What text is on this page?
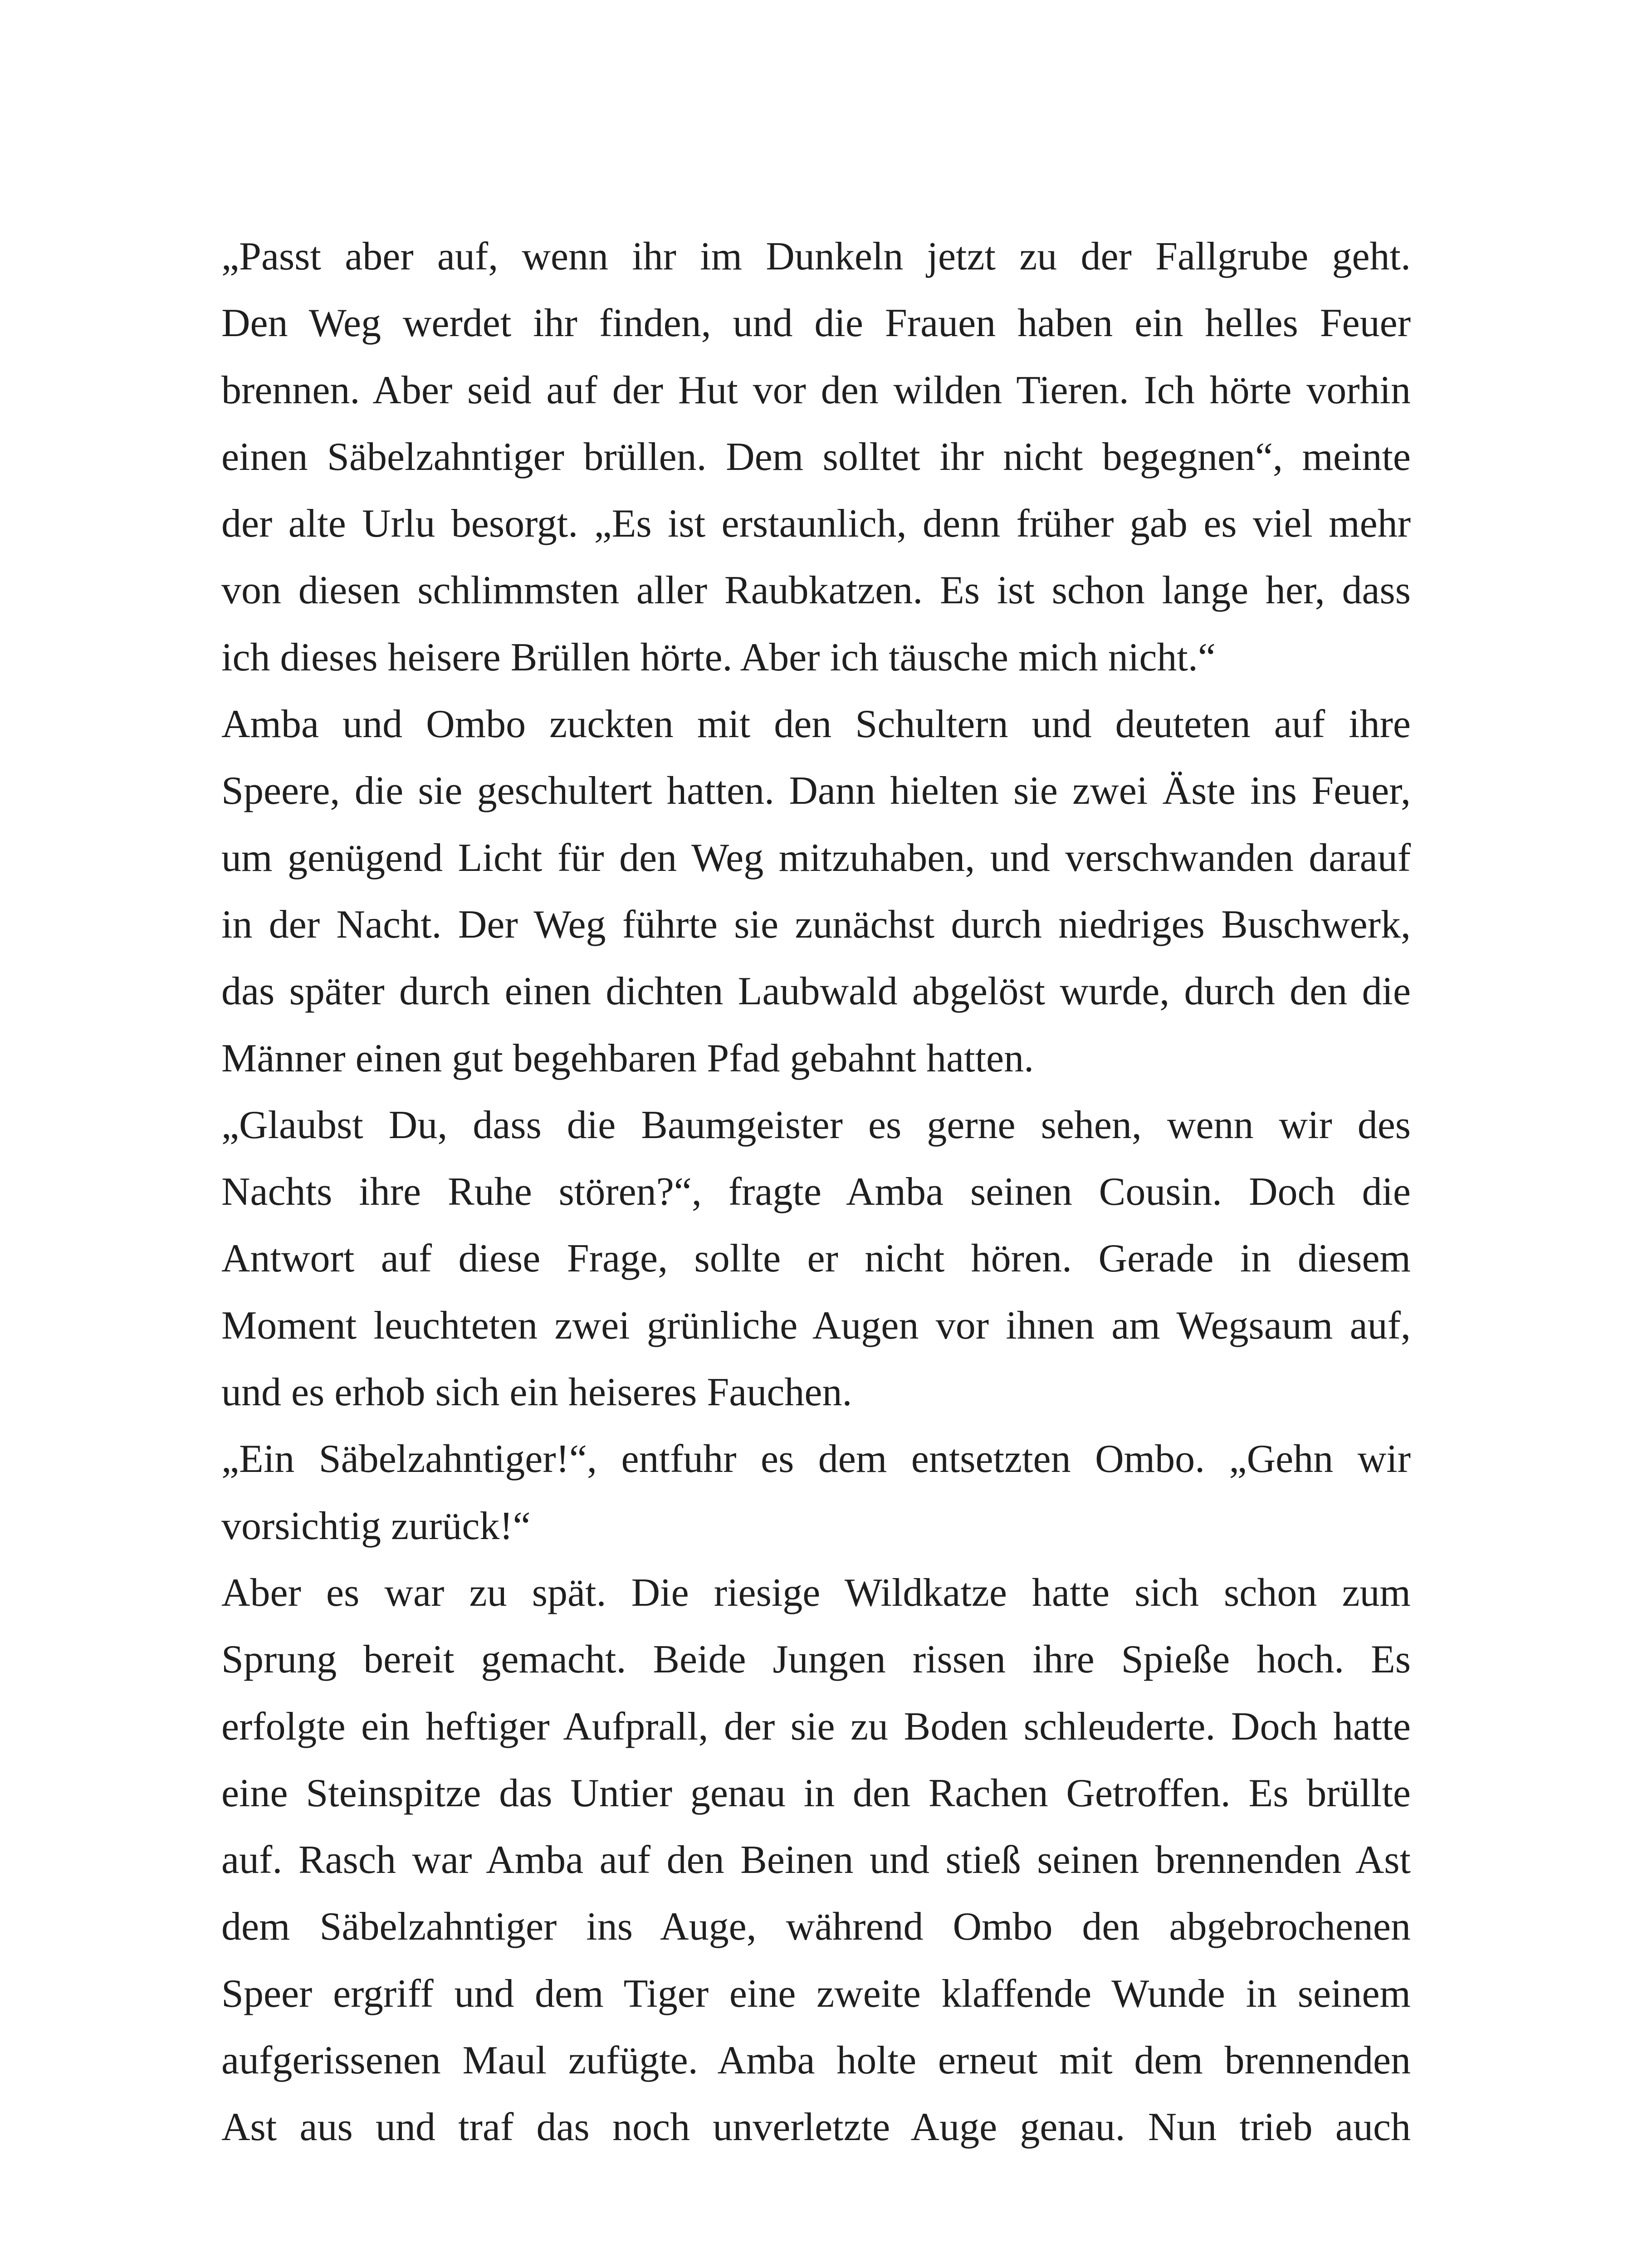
„Passt aber auf, wenn ihr im Dunkeln jetzt zu der Fallgrube geht.
Den Weg werdet ihr finden, und die Frauen haben ein helles Feuer
brennen. Aber seid auf der Hut vor den wilden Tieren. Ich hörte vorhin
einen Säbelzahntiger brüllen. Dem solltet ihr nicht begegnen“, meinte
der alte Urlu besorgt. „Es ist erstaunlich, denn früher gab es viel mehr
von diesen schlimmsten aller Raubkatzen. Es ist schon lange her, dass
ich dieses heisere Brüllen hörte. Aber ich täusche mich nicht.“

Amba und Ombo zuckten mit den Schultern und deuteten auf ihre
Speere, die sie geschultert hatten. Dann hielten sie zwei Äste ins Feuer,
um genügend Licht für den Weg mitzuhaben, und verschwanden darauf
in der Nacht. Der Weg führte sie zunächst durch niedriges Buschwerk,
das später durch einen dichten Laubwald abgelöst wurde, durch den die
Männer einen gut begehbaren Pfad gebahnt hatten.

„Glaubst Du, dass die Baumgeister es gerne sehen, wenn wir des
Nachts ihre Ruhe stören?“, fragte Amba seinen Cousin. Doch die
Antwort auf diese Frage, sollte er nicht hören. Gerade in diesem
Moment leuchteten zwei grünliche Augen vor ihnen am Wegsaum auf,
und es erhob sich ein heiseres Fauchen.

„Ein Säbelzahntiger!“, entfuhr es dem entsetzten Ombo. „Gehn wir
vorsichtig zurück!“

Aber es war zu spät. Die riesige Wildkatze hatte sich schon zum
Sprung bereit gemacht. Beide Jungen rissen ihre Spieße hoch. Es
erfolgte ein heftiger Aufprall, der sie zu Boden schleuderte. Doch hatte
eine Steinspitze das Untier genau in den Rachen Getroffen. Es brüllte
auf. Rasch war Amba auf den Beinen und stieß seinen brennenden Ast
dem Säbelzahntiger ins Auge, während Ombo den abgebrochenen
Speer ergriff und dem Tiger eine zweite klaffende Wunde in seinem
aufgerissenen Maul zufügte. Amba holte erneut mit dem brennenden
Ast aus und traf das noch unverletzte Auge genau. Nun trieb auch
